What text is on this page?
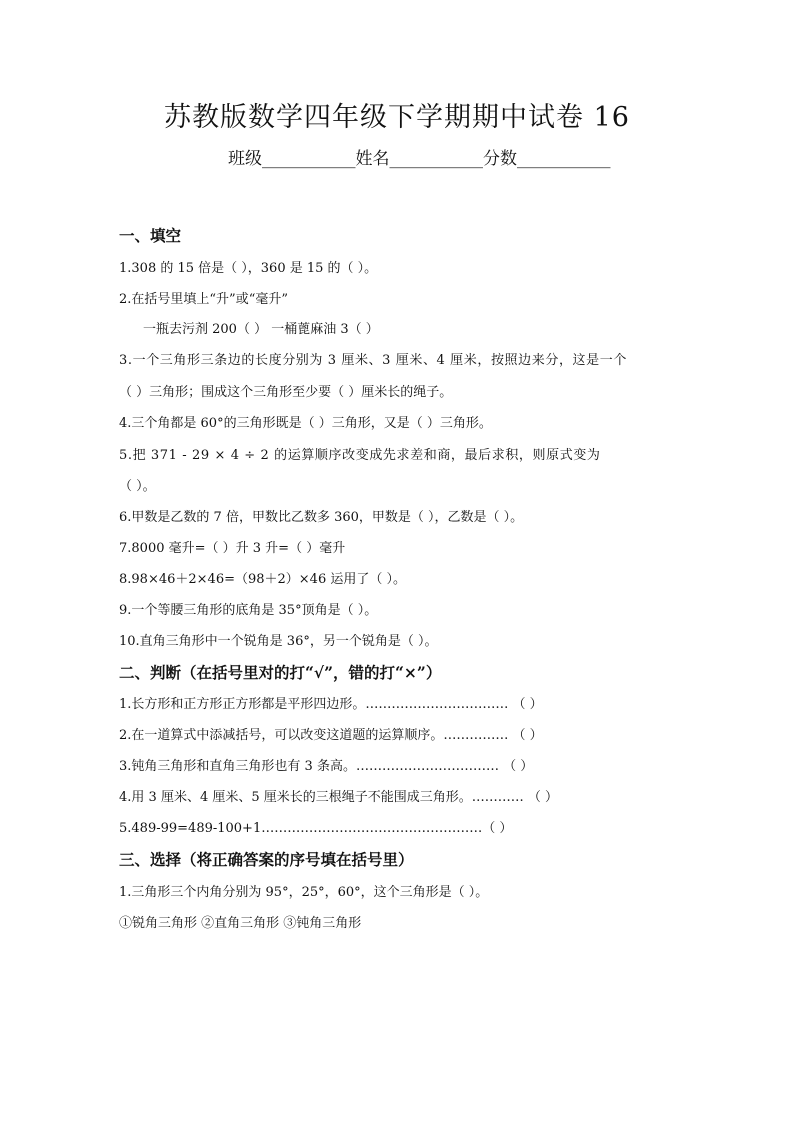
苏教版数学四年级下学期期中试卷 16
班级___________姓名___________分数___________
一、填空
1.308 的 15 倍是（ ），360 是 15 的（ ）。
2.在括号里填上“升”或“毫升”
一瓶去污剂 200（ ） 一桶蓖麻油 3（ ）
3.一个三角形三条边的长度分别为 3 厘米、3 厘米、4 厘米，按照边来分，这是一个
（ ）三角形；围成这个三角形至少要（ ）厘米长的绳子。
4.三个角都是 60°的三角形既是（ ）三角形，又是（ ）三角形。
5.把 371 - 29 × 4 ÷ 2 的运算顺序改变成先求差和商，最后求积，则原式变为
（ ）。
6.甲数是乙数的 7 倍，甲数比乙数多 360，甲数是（ ），乙数是（ ）。
7.8000 毫升=（ ）升 3 升=（ ）毫升
8.98×46＋2×46=（98＋2）×46 运用了（ ）。
9.一个等腰三角形的底角是 35°顶角是（ ）。
10.直角三角形中一个锐角是 36°，另一个锐角是（ ）。
二、判断（在括号里对的打“√”，错的打“×”）
1.长方形和正方形正方形都是平形四边形。…………………………… （ ）
2.在一道算式中添减括号，可以改变这道题的运算顺序。…………… （ ）
3.钝角三角形和直角三角形也有 3 条高。…………………………… （ ）
4.用 3 厘米、4 厘米、5 厘米长的三根绳子不能围成三角形。………… （ ）
5.489-99=489-100+1……………………………………………（ ）
三、选择（将正确答案的序号填在括号里）
1.三角形三个内角分别为 95°，25°，60°，这个三角形是（ ）。
①锐角三角形 ②直角三角形 ③钝角三角形
